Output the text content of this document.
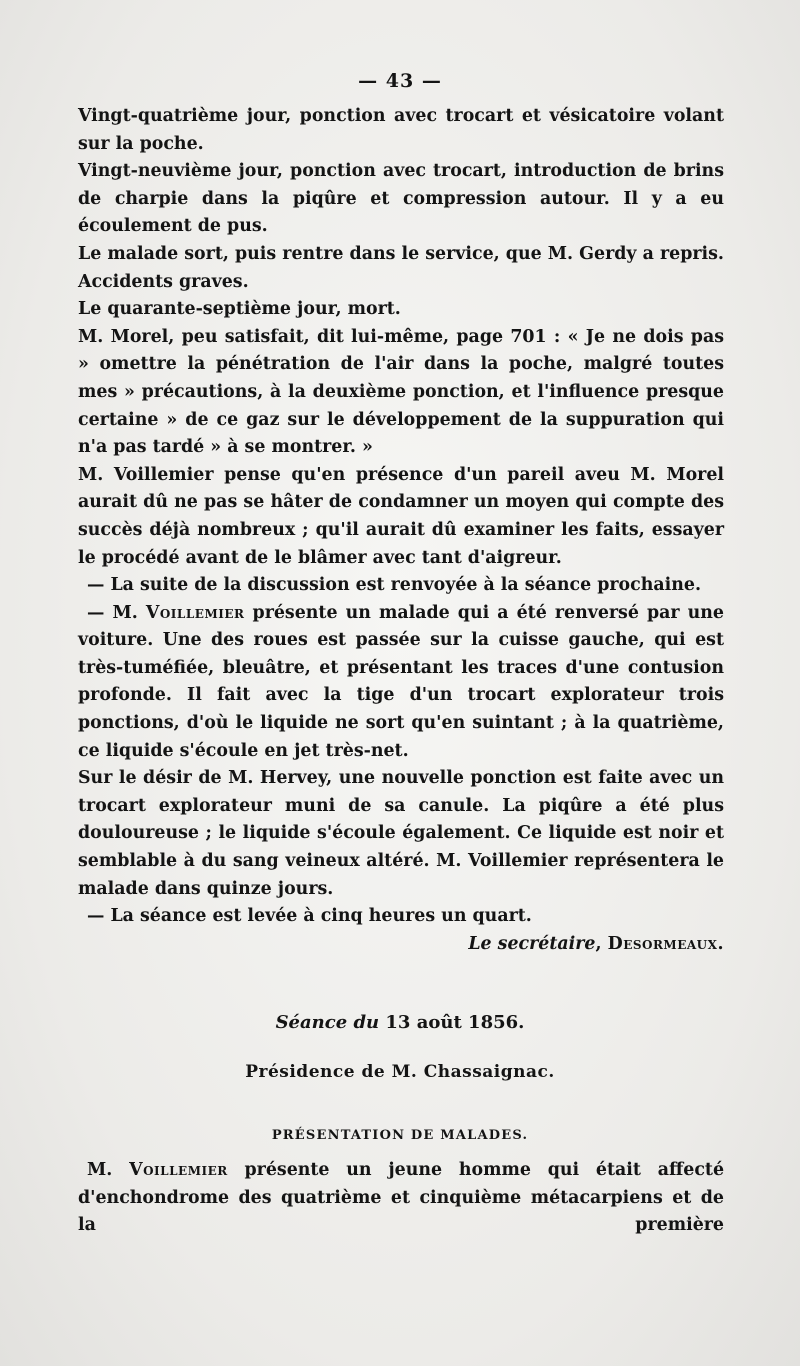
— 43 —

Vingt-quatrième jour, ponction avec trocart et vésicatoire volant sur la poche.

Vingt-neuvième jour, ponction avec trocart, introduction de brins de charpie dans la piqûre et compression autour. Il y a eu écoulement de pus.

Le malade sort, puis rentre dans le service, que M. Gerdy a repris. Accidents graves.

Le quarante-septième jour, mort.

M. Morel, peu satisfait, dit lui-même, page 701 : « Je ne dois pas » omettre la pénétration de l'air dans la poche, malgré toutes mes » précautions, à la deuxième ponction, et l'influence presque certaine » de ce gaz sur le développement de la suppuration qui n'a pas tardé » à se montrer. »

M. Voillemier pense qu'en présence d'un pareil aveu M. Morel aurait dû ne pas se hâter de condamner un moyen qui compte des succès déjà nombreux ; qu'il aurait dû examiner les faits, essayer le procédé avant de le blâmer avec tant d'aigreur.

— La suite de la discussion est renvoyée à la séance prochaine.

— M. Voillemier présente un malade qui a été renversé par une voiture. Une des roues est passée sur la cuisse gauche, qui est très-tuméfiée, bleuâtre, et présentant les traces d'une contusion profonde. Il fait avec la tige d'un trocart explorateur trois ponctions, d'où le liquide ne sort qu'en suintant ; à la quatrième, ce liquide s'écoule en jet très-net.

Sur le désir de M. Hervey, une nouvelle ponction est faite avec un trocart explorateur muni de sa canule. La piqûre a été plus douloureuse ; le liquide s'écoule également. Ce liquide est noir et semblable à du sang veineux altéré. M. Voillemier représentera le malade dans quinze jours.

— La séance est levée à cinq heures un quart.

Le secrétaire, Desormeaux.

Séance du 13 août 1856.
Présidence de M. Chassaignac.
PRÉSENTATION DE MALADES.

M. Voillemier présente un jeune homme qui était affecté d'enchondrome des quatrième et cinquième métacarpiens et de la première
